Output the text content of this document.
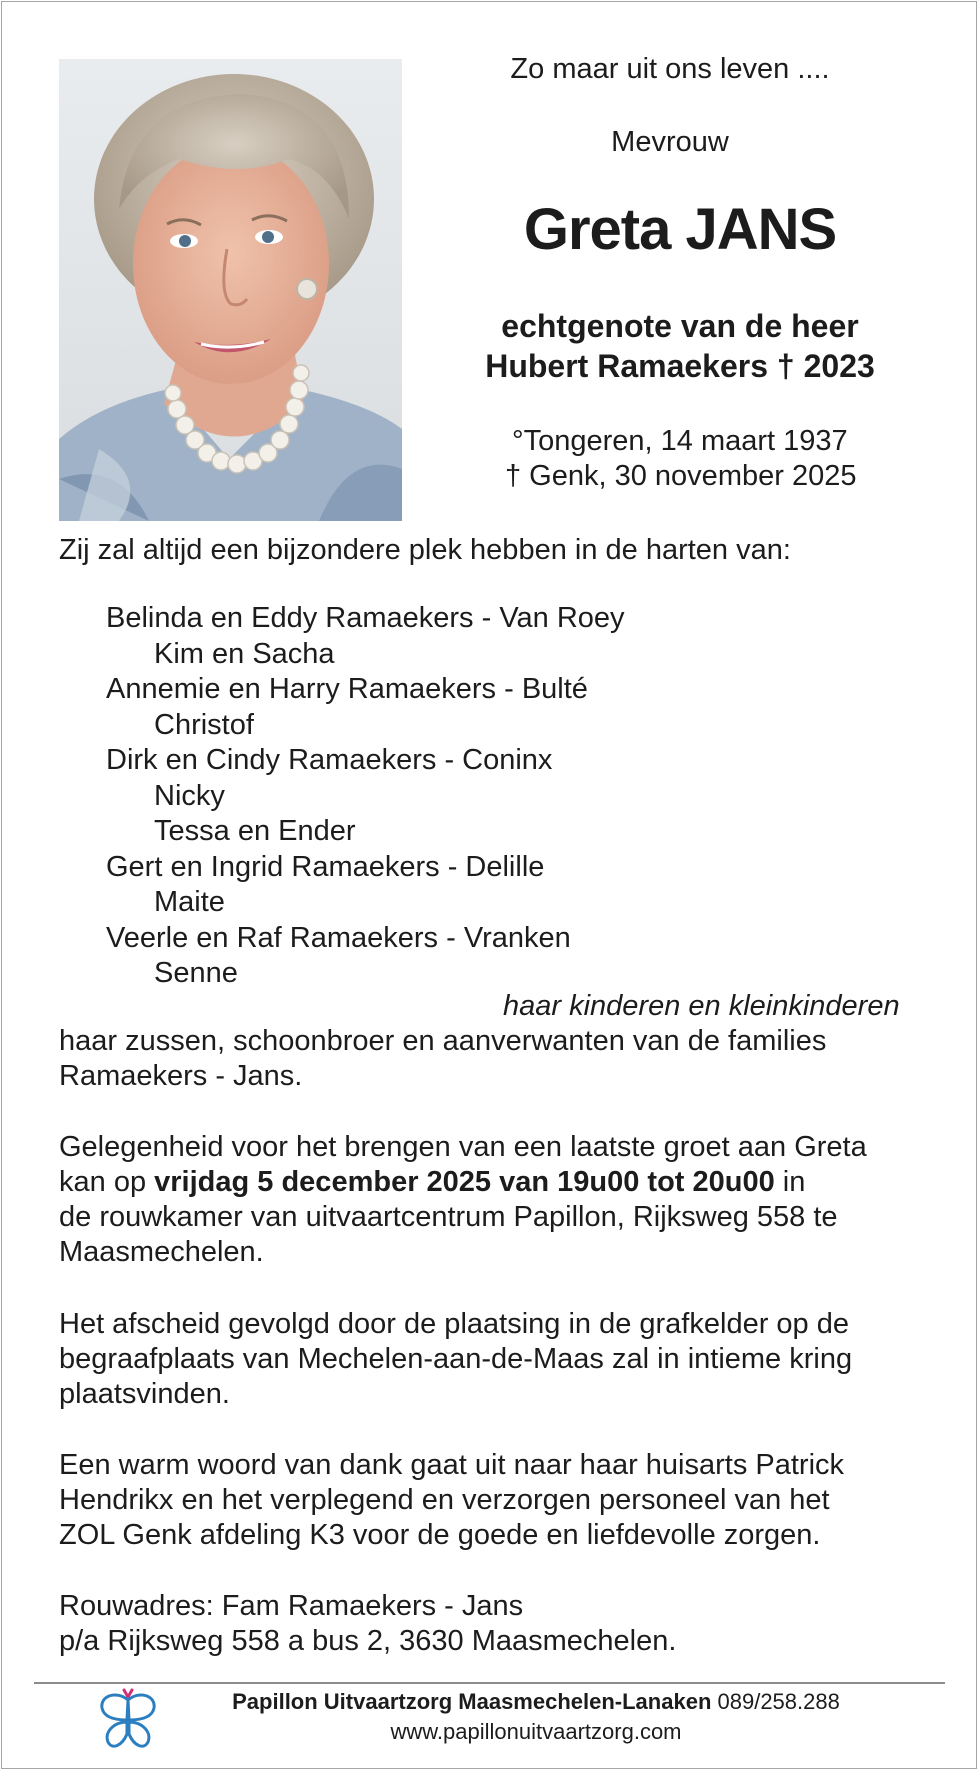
Zo maar uit ons leven ....
Mevrouw
Greta JANS
echtgenote van de heer
Hubert Ramaekers † 2023
°Tongeren, 14 maart 1937
† Genk, 30 november 2025
Zij zal altijd een bijzondere plek hebben in de harten van:
Belinda en Eddy Ramaekers - Van Roey
Kim en Sacha
Annemie en Harry Ramaekers - Bulté
Christof
Dirk en Cindy Ramaekers - Coninx
Nicky
Tessa en Ender
Gert en Ingrid Ramaekers - Delille
Maite
Veerle en Raf Ramaekers - Vranken
Senne
haar kinderen en kleinkinderen
haar zussen, schoonbroer en aanverwanten van de families
Ramaekers - Jans.
Gelegenheid voor het brengen van een laatste groet aan Greta
kan op vrijdag 5 december 2025 van 19u00 tot 20u00 in
de rouwkamer van uitvaartcentrum Papillon, Rijksweg 558 te
Maasmechelen.
Het afscheid gevolgd door de plaatsing in de grafkelder op de
begraafplaats van Mechelen-aan-de-Maas zal in intieme kring
plaatsvinden.
Een warm woord van dank gaat uit naar haar huisarts Patrick
Hendrikx en het verplegend en verzorgen personeel van het
ZOL Genk afdeling K3 voor de goede en liefdevolle zorgen.
Rouwadres: Fam Ramaekers - Jans
p/a Rijksweg 558 a bus 2, 3630 Maasmechelen.
Papillon Uitvaartzorg Maasmechelen-Lanaken 089/258.288
www.papillonuitvaartzorg.com
